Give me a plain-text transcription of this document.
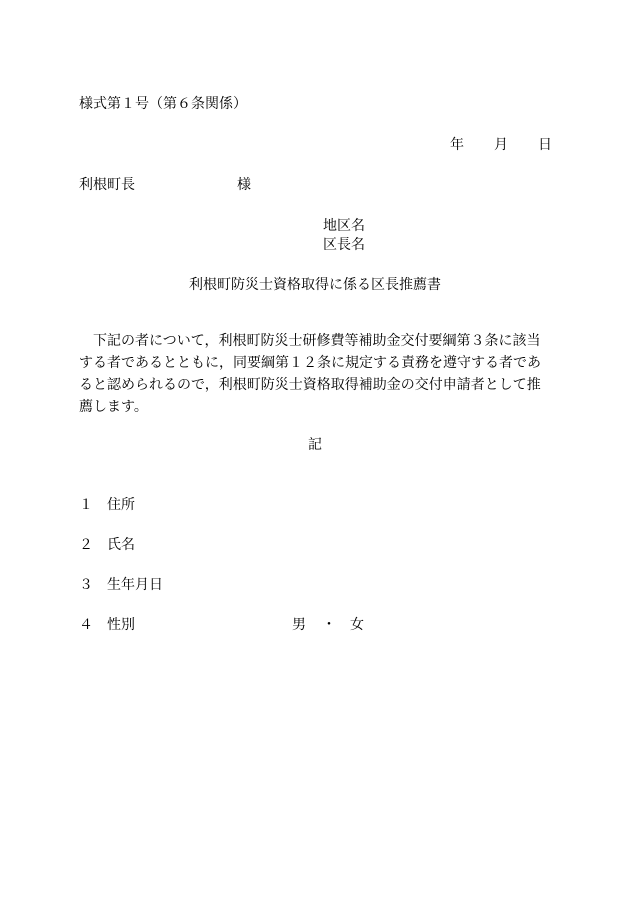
様式第１号（第６条関係）
年 月 日
利根町長	様
地区名
区長名
利根町防災士資格取得に係る区長推薦書
下記の者について，利根町防災士研修費等補助金交付要綱第３条に該当する者であるとともに，同要綱第１２条に規定する責務を遵守する者であると認められるので，利根町防災士資格取得補助金の交付申請者として推薦します。
記
１ 住所
２ 氏名
３ 生年月日
４ 性別	男 ・ 女
